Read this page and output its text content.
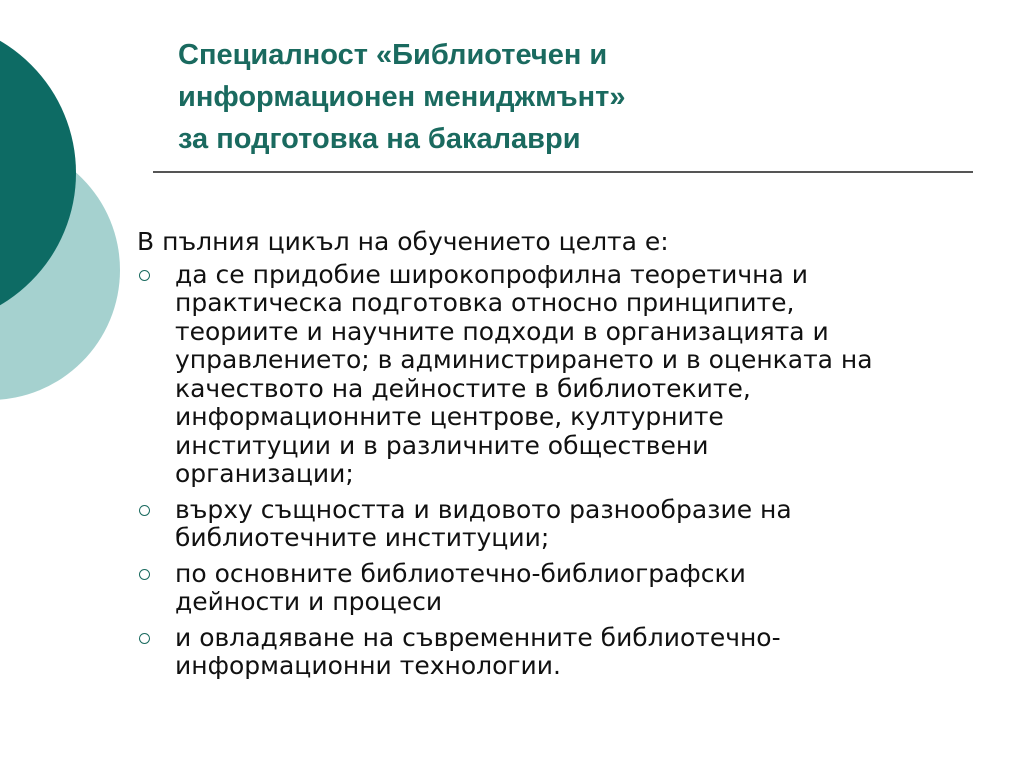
Специалност «Библиотечен и
информационен мениджмънт»
за подготовка на бакалаври

В пълния цикъл на обучението целта е:

да се придобие широкопрофилна теоретична и
практическа подготовка относно принципите,
теориите и научните подходи в организацията и
управлението; в администрирането и в оценката на
качеството на дейностите в библиотеките,
информационните центрове, културните
институции и в различните обществени
организации;
върху същността и видовото разнообразие на
библиотечните институции;
по основните библиотечно-библиографски
дейности и процеси
и овладяване на съвременните библиотечно-
информационни технологии.
